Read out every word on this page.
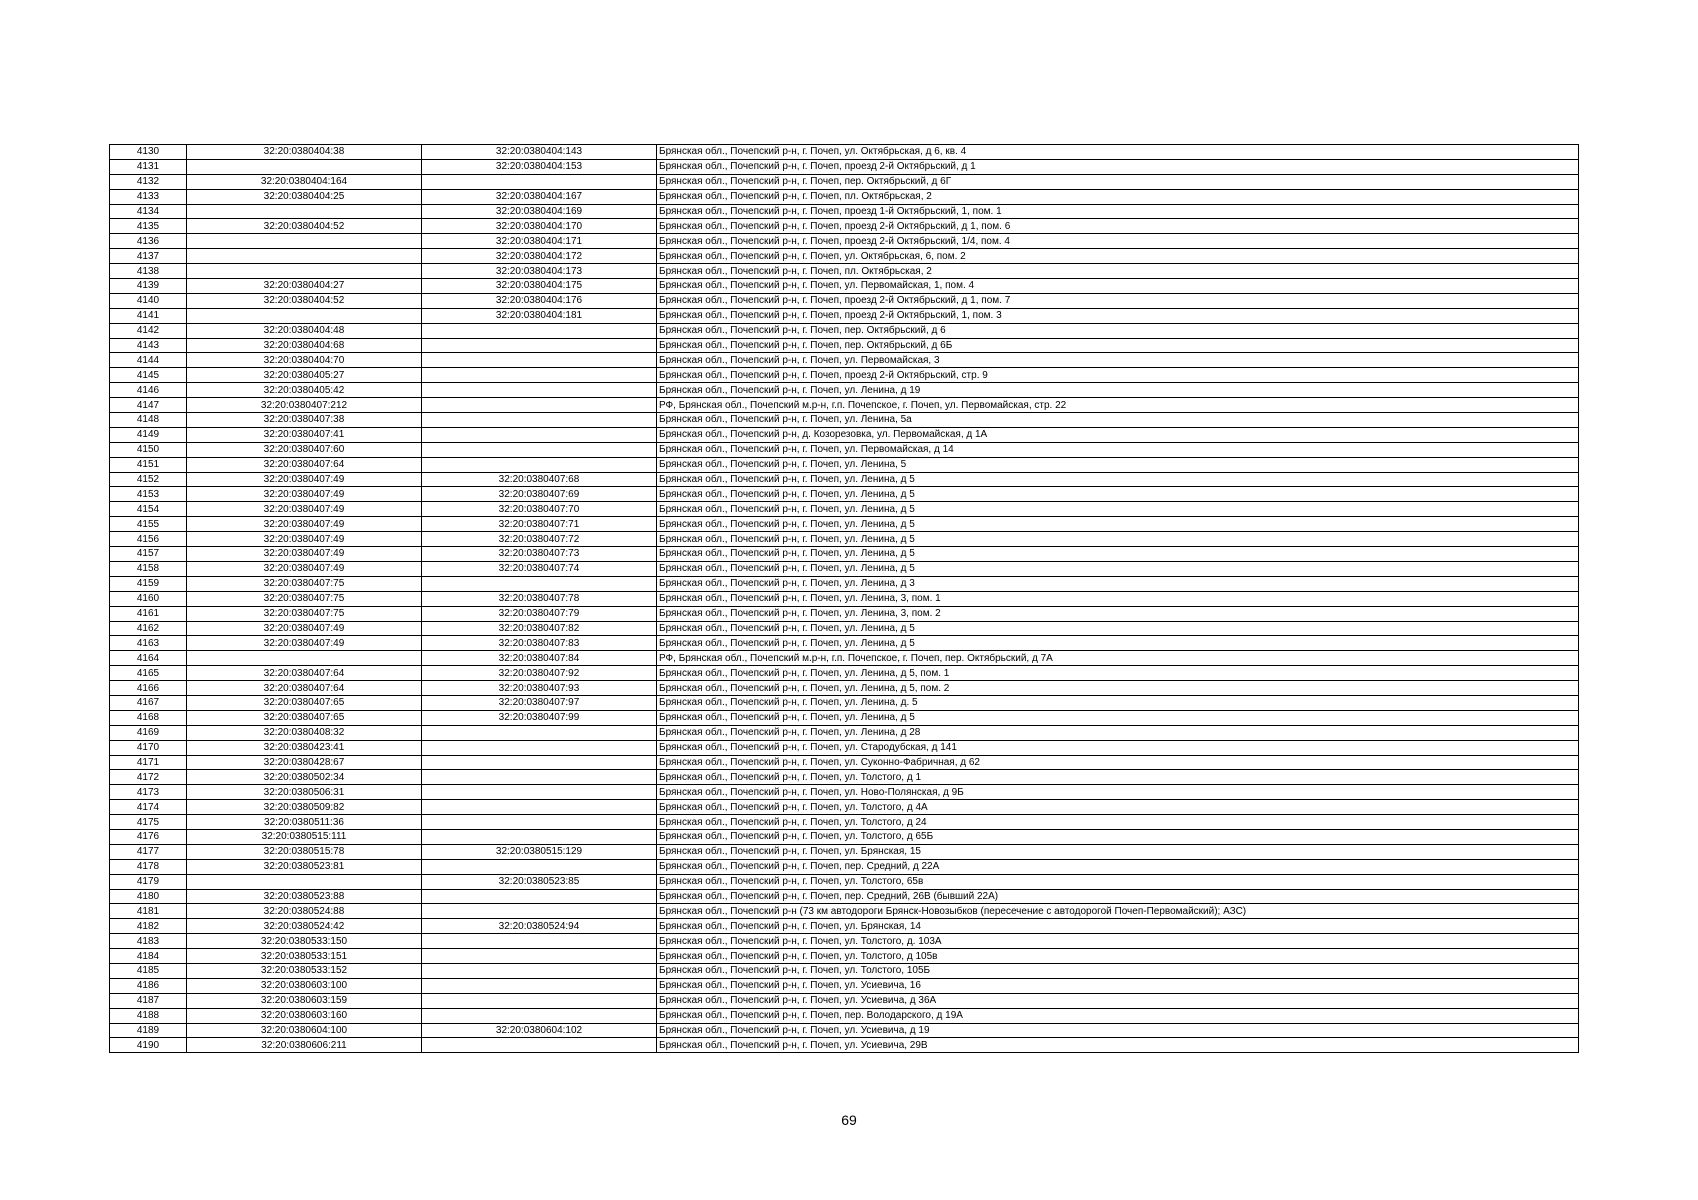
4130	32:20:0380404:38	32:20:0380404:143	Брянская обл., Почепский р-н, г. Почеп, ул. Октябрьская, д 6, кв. 4
4131		32:20:0380404:153	Брянская обл., Почепский р-н, г. Почеп, проезд 2-й Октябрьский, д 1
4132	32:20:0380404:164		Брянская обл., Почепский р-н, г. Почеп, пер. Октябрьский, д 6Г
4133	32:20:0380404:25	32:20:0380404:167	Брянская обл., Почепский р-н, г. Почеп, пл. Октябрьская, 2
4134		32:20:0380404:169	Брянская обл., Почепский р-н, г. Почеп, проезд 1-й Октябрьский, 1, пом. 1
4135	32:20:0380404:52	32:20:0380404:170	Брянская обл., Почепский р-н, г. Почеп, проезд 2-й Октябрьский, д 1, пом. 6
4136		32:20:0380404:171	Брянская обл., Почепский р-н, г. Почеп, проезд 2-й Октябрьский, 1/4, пом. 4
4137		32:20:0380404:172	Брянская обл., Почепский р-н, г. Почеп, ул. Октябрьская, 6, пом. 2
4138		32:20:0380404:173	Брянская обл., Почепский р-н, г. Почеп, пл. Октябрьская, 2
4139	32:20:0380404:27	32:20:0380404:175	Брянская обл., Почепский р-н, г. Почеп, ул. Первомайская, 1, пом. 4
4140	32:20:0380404:52	32:20:0380404:176	Брянская обл., Почепский р-н, г. Почеп, проезд 2-й Октябрьский, д 1, пом. 7
4141		32:20:0380404:181	Брянская обл., Почепский р-н, г. Почеп, проезд 2-й Октябрьский, 1, пом. 3
4142	32:20:0380404:48		Брянская обл., Почепский р-н, г. Почеп, пер. Октябрьский, д 6
4143	32:20:0380404:68		Брянская обл., Почепский р-н, г. Почеп, пер. Октябрьский, д 6Б
4144	32:20:0380404:70		Брянская обл., Почепский р-н, г. Почеп, ул. Первомайская, 3
4145	32:20:0380405:27		Брянская обл., Почепский р-н, г. Почеп, проезд 2-й Октябрьский, стр. 9
4146	32:20:0380405:42		Брянская обл., Почепский р-н, г. Почеп, ул. Ленина, д 19
4147	32:20:0380407:212		РФ, Брянская обл., Почепский м.р-н, г.п. Почепское, г. Почеп, ул. Первомайская, стр. 22
4148	32:20:0380407:38		Брянская обл., Почепский р-н, г. Почеп, ул. Ленина, 5а
4149	32:20:0380407:41		Брянская обл., Почепский р-н, д. Козорезовка, ул. Первомайская, д 1А
4150	32:20:0380407:60		Брянская обл., Почепский р-н, г. Почеп, ул. Первомайская, д 14
4151	32:20:0380407:64		Брянская обл., Почепский р-н, г. Почеп, ул. Ленина, 5
4152	32:20:0380407:49	32:20:0380407:68	Брянская обл., Почепский р-н, г. Почеп, ул. Ленина, д 5
4153	32:20:0380407:49	32:20:0380407:69	Брянская обл., Почепский р-н, г. Почеп, ул. Ленина, д 5
4154	32:20:0380407:49	32:20:0380407:70	Брянская обл., Почепский р-н, г. Почеп, ул. Ленина, д 5
4155	32:20:0380407:49	32:20:0380407:71	Брянская обл., Почепский р-н, г. Почеп, ул. Ленина, д 5
4156	32:20:0380407:49	32:20:0380407:72	Брянская обл., Почепский р-н, г. Почеп, ул. Ленина, д 5
4157	32:20:0380407:49	32:20:0380407:73	Брянская обл., Почепский р-н, г. Почеп, ул. Ленина, д 5
4158	32:20:0380407:49	32:20:0380407:74	Брянская обл., Почепский р-н, г. Почеп, ул. Ленина, д 5
4159	32:20:0380407:75		Брянская обл., Почепский р-н, г. Почеп, ул. Ленина, д 3
4160	32:20:0380407:75	32:20:0380407:78	Брянская обл., Почепский р-н, г. Почеп, ул. Ленина, 3, пом. 1
4161	32:20:0380407:75	32:20:0380407:79	Брянская обл., Почепский р-н, г. Почеп, ул. Ленина, 3, пом. 2
4162	32:20:0380407:49	32:20:0380407:82	Брянская обл., Почепский р-н, г. Почеп, ул. Ленина, д 5
4163	32:20:0380407:49	32:20:0380407:83	Брянская обл., Почепский р-н, г. Почеп, ул. Ленина, д 5
4164		32:20:0380407:84	РФ, Брянская обл., Почепский м.р-н, г.п. Почепское, г. Почеп, пер. Октябрьский, д 7А
4165	32:20:0380407:64	32:20:0380407:92	Брянская обл., Почепский р-н, г. Почеп, ул. Ленина, д 5, пом. 1
4166	32:20:0380407:64	32:20:0380407:93	Брянская обл., Почепский р-н, г. Почеп, ул. Ленина, д 5, пом. 2
4167	32:20:0380407:65	32:20:0380407:97	Брянская обл., Почепский р-н, г. Почеп, ул. Ленина, д. 5
4168	32:20:0380407:65	32:20:0380407:99	Брянская обл., Почепский р-н, г. Почеп, ул. Ленина, д 5
4169	32:20:0380408:32		Брянская обл., Почепский р-н, г. Почеп, ул. Ленина, д 28
4170	32:20:0380423:41		Брянская обл., Почепский р-н, г. Почеп, ул. Стародубская, д 141
4171	32:20:0380428:67		Брянская обл., Почепский р-н, г. Почеп, ул. Суконно-Фабричная, д 62
4172	32:20:0380502:34		Брянская обл., Почепский р-н, г. Почеп, ул. Толстого, д 1
4173	32:20:0380506:31		Брянская обл., Почепский р-н, г. Почеп, ул. Ново-Полянская, д 9Б
4174	32:20:0380509:82		Брянская обл., Почепский р-н, г. Почеп, ул. Толстого, д 4А
4175	32:20:0380511:36		Брянская обл., Почепский р-н, г. Почеп, ул. Толстого, д 24
4176	32:20:0380515:111		Брянская обл., Почепский р-н, г. Почеп, ул. Толстого, д 65Б
4177	32:20:0380515:78	32:20:0380515:129	Брянская обл., Почепский р-н, г. Почеп, ул. Брянская, 15
4178	32:20:0380523:81		Брянская обл., Почепский р-н, г. Почеп, пер. Средний, д 22А
4179		32:20:0380523:85	Брянская обл., Почепский р-н, г. Почеп, ул. Толстого, 65в
4180	32:20:0380523:88		Брянская обл., Почепский р-н, г. Почеп, пер. Средний, 26В (бывший 22А)
4181	32:20:0380524:88		Брянская обл., Почепский р-н (73 км автодороги Брянск-Новозыбков (пересечение с автодорогой Почеп-Первомайский); АЗС)
4182	32:20:0380524:42	32:20:0380524:94	Брянская обл., Почепский р-н, г. Почеп, ул. Брянская, 14
4183	32:20:0380533:150		Брянская обл., Почепский р-н, г. Почеп, ул. Толстого, д. 103А
4184	32:20:0380533:151		Брянская обл., Почепский р-н, г. Почеп, ул. Толстого, д 105в
4185	32:20:0380533:152		Брянская обл., Почепский р-н, г. Почеп, ул. Толстого, 105Б
4186	32:20:0380603:100		Брянская обл., Почепский р-н, г. Почеп, ул. Усиевича, 16
4187	32:20:0380603:159		Брянская обл., Почепский р-н, г. Почеп, ул. Усиевича, д 36А
4188	32:20:0380603:160		Брянская обл., Почепский р-н, г. Почеп, пер. Володарского, д 19А
4189	32:20:0380604:100	32:20:0380604:102	Брянская обл., Почепский р-н, г. Почеп, ул. Усиевича, д 19
4190	32:20:0380606:211		Брянская обл., Почепский р-н, г. Почеп, ул. Усиевича, 29В
69
